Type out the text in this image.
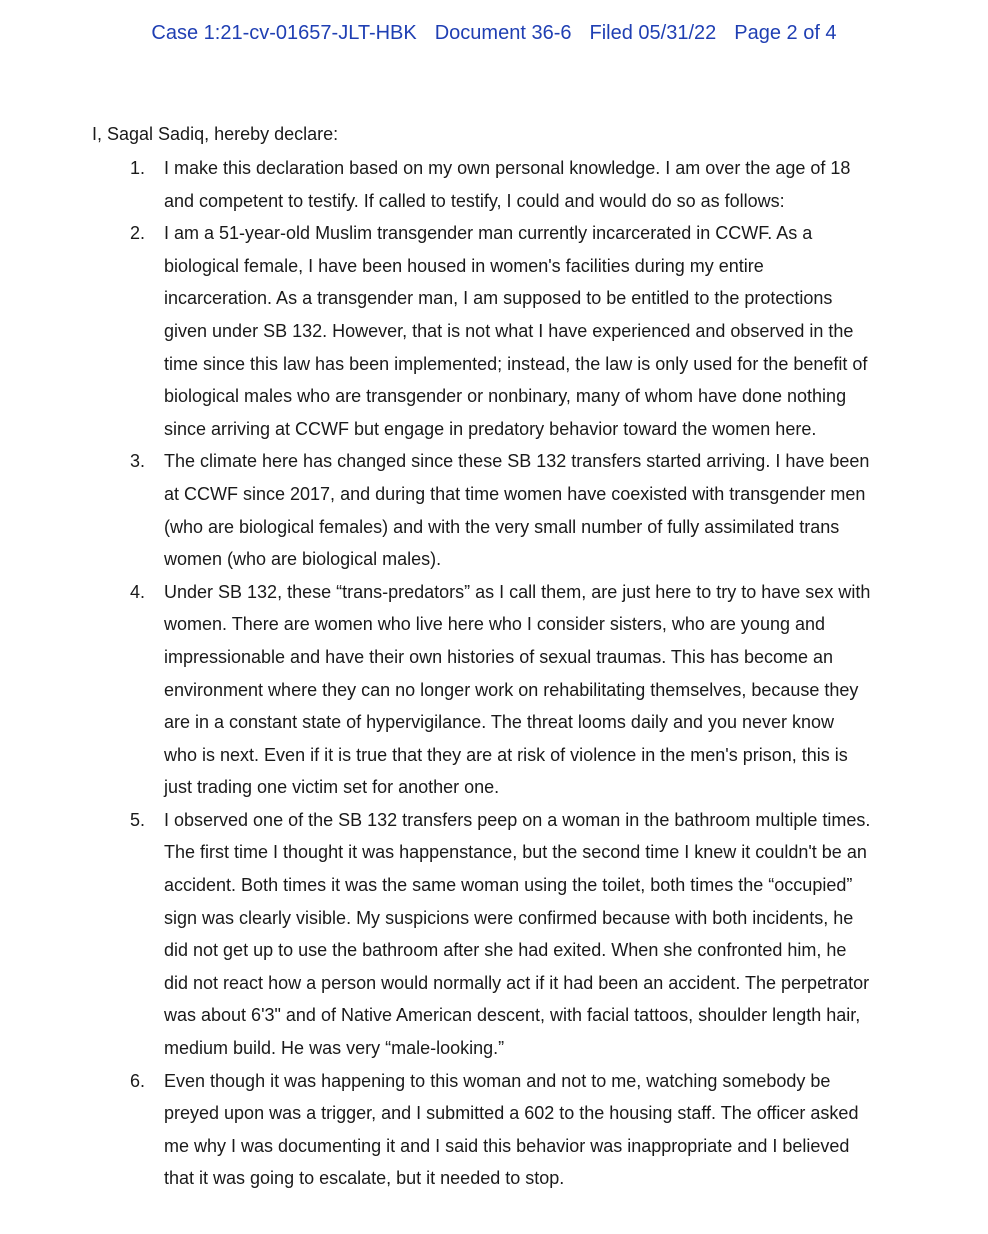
Case 1:21-cv-01657-JLT-HBK Document 36-6 Filed 05/31/22 Page 2 of 4
I, Sagal Sadiq, hereby declare:
1.	I make this declaration based on my own personal knowledge. I am over the age of 18
and competent to testify. If called to testify, I could and would do so as follows:
2.	I am a 51-year-old Muslim transgender man currently incarcerated in CCWF. As a
biological female, I have been housed in women's facilities during my entire
incarceration. As a transgender man, I am supposed to be entitled to the protections
given under SB 132. However, that is not what I have experienced and observed in the
time since this law has been implemented; instead, the law is only used for the benefit of
biological males who are transgender or nonbinary, many of whom have done nothing
since arriving at CCWF but engage in predatory behavior toward the women here.
3.	The climate here has changed since these SB 132 transfers started arriving. I have been
at CCWF since 2017, and during that time women have coexisted with transgender men
(who are biological females) and with the very small number of fully assimilated trans
women (who are biological males).
4.	Under SB 132, these “trans-predators” as I call them, are just here to try to have sex with
women. There are women who live here who I consider sisters, who are young and
impressionable and have their own histories of sexual traumas. This has become an
environment where they can no longer work on rehabilitating themselves, because they
are in a constant state of hypervigilance. The threat looms daily and you never know
who is next. Even if it is true that they are at risk of violence in the men's prison, this is
just trading one victim set for another one.
5.	I observed one of the SB 132 transfers peep on a woman in the bathroom multiple times.
The first time I thought it was happenstance, but the second time I knew it couldn't be an
accident. Both times it was the same woman using the toilet, both times the “occupied”
sign was clearly visible. My suspicions were confirmed because with both incidents, he
did not get up to use the bathroom after she had exited. When she confronted him, he
did not react how a person would normally act if it had been an accident. The perpetrator
was about 6'3" and of Native American descent, with facial tattoos, shoulder length hair,
medium build. He was very “male-looking.”
6.	Even though it was happening to this woman and not to me, watching somebody be
preyed upon was a trigger, and I submitted a 602 to the housing staff. The officer asked
me why I was documenting it and I said this behavior was inappropriate and I believed
that it was going to escalate, but it needed to stop.
